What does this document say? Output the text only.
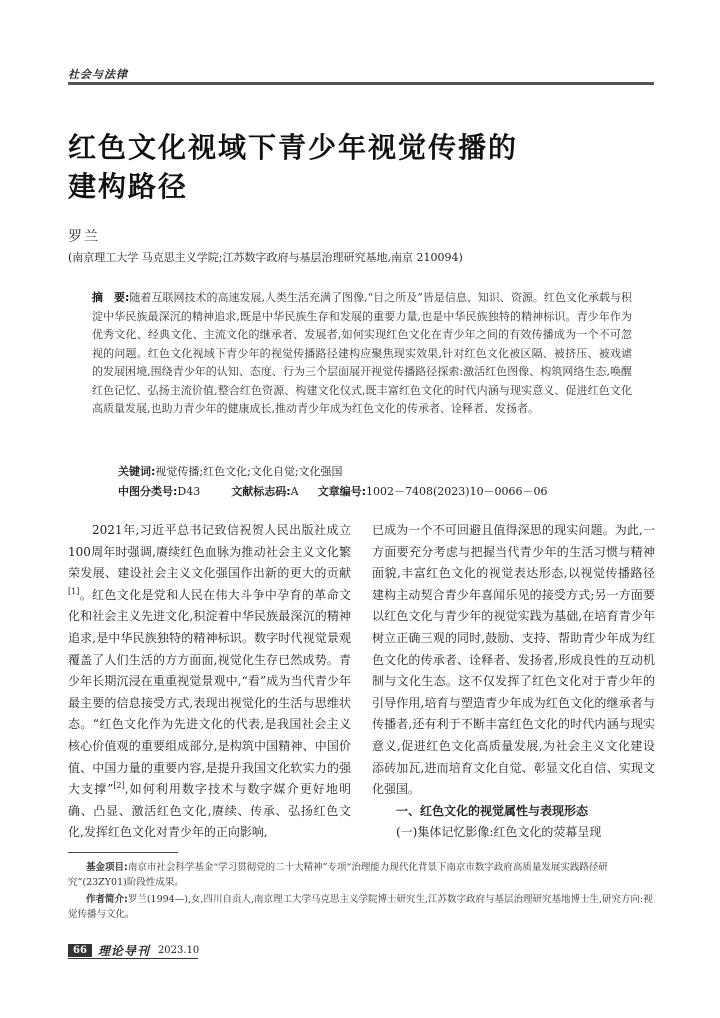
社会与法律
红色文化视域下青少年视觉传播的
建构路径
罗兰
(南京理工大学 马克思主义学院;江苏数字政府与基层治理研究基地,南京 210094)
摘　要:随着互联网技术的高速发展,人类生活充满了图像,“目之所及”皆是信息、知识、资源。红色文化承载与积淀中华民族最深沉的精神追求,既是中华民族生存和发展的重要力量,也是中华民族独特的精神标识。青少年作为优秀文化、经典文化、主流文化的继承者、发展者,如何实现红色文化在青少年之间的有效传播成为一个不可忽视的问题。红色文化视域下青少年的视觉传播路径建构应聚焦现实效果,针对红色文化被区隔、被挤压、被戏谑的发展困境,围绕青少年的认知、态度、行为三个层面展开视觉传播路径探索:激活红色图像、构筑网络生态,唤醒红色记忆、弘扬主流价值,整合红色资源、构建文化仪式,既丰富红色文化的时代内涵与现实意义、促进红色文化高质量发展,也助力青少年的健康成长,推动青少年成为红色文化的传承者、诠释者、发扬者。
关键词:视觉传播;红色文化;文化自觉;文化强国
中图分类号:D43	文献标志码:A 文章编号:1002－7408(2023)10－0066－06

2021年,习近平总书记致信祝贺人民出版社成立100周年时强调,赓续红色血脉为推动社会主义文化繁荣发展、建设社会主义文化强国作出新的更大的贡献[1]。红色文化是党和人民在伟大斗争中孕育的革命文化和社会主义先进文化,积淀着中华民族最深沉的精神追求,是中华民族独特的精神标识。数字时代视觉景观覆盖了人们生活的方方面面,视觉化生存已然成势。青少年长期沉浸在重重视觉景观中,“看”成为当代青少年最主要的信息接受方式,表现出视觉化的生活与思维状态。“红色文化作为先进文化的代表,是我国社会主义核心价值观的重要组成部分,是构筑中国精神、中国价值、中国力量的重要内容,是提升我国文化软实力的强大支撑”[2],如何利用数字技术与数字媒介更好地明确、凸显、激活红色文化,赓续、传承、弘扬红色文化,发挥红色文化对青少年的正向影响,

已成为一个不可回避且值得深思的现实问题。为此,一方面要充分考虑与把握当代青少年的生活习惯与精神面貌,丰富红色文化的视觉表达形态,以视觉传播路径建构主动契合青少年喜闻乐见的接受方式;另一方面要以红色文化与青少年的视觉实践为基础,在培育青少年树立正确三观的同时,鼓励、支持、帮助青少年成为红色文化的传承者、诠释者、发扬者,形成良性的互动机制与文化生态。这不仅发挥了红色文化对于青少年的引导作用,培育与塑造青少年成为红色文化的继承者与传播者,还有利于不断丰富红色文化的时代内涵与现实意义,促进红色文化高质量发展,为社会主义文化建设添砖加瓦,进而培育文化自觉、彰显文化自信、实现文化强国。

一、红色文化的视觉属性与表现形态

(一)集体记忆影像:红色文化的荧幕呈现

基金项目:南京市社会科学基金“学习贯彻党的二十大精神”专项“治理能力现代化背景下南京市数字政府高质量发展实践路径研究”(23ZY01)阶段性成果。
作者简介:罗兰(1994—),女,四川自贡人,南京理工大学马克思主义学院博士研究生,江苏数字政府与基层治理研究基地博士生,研究方向:视觉传播与文化。
66 理论导刊 2023.10
